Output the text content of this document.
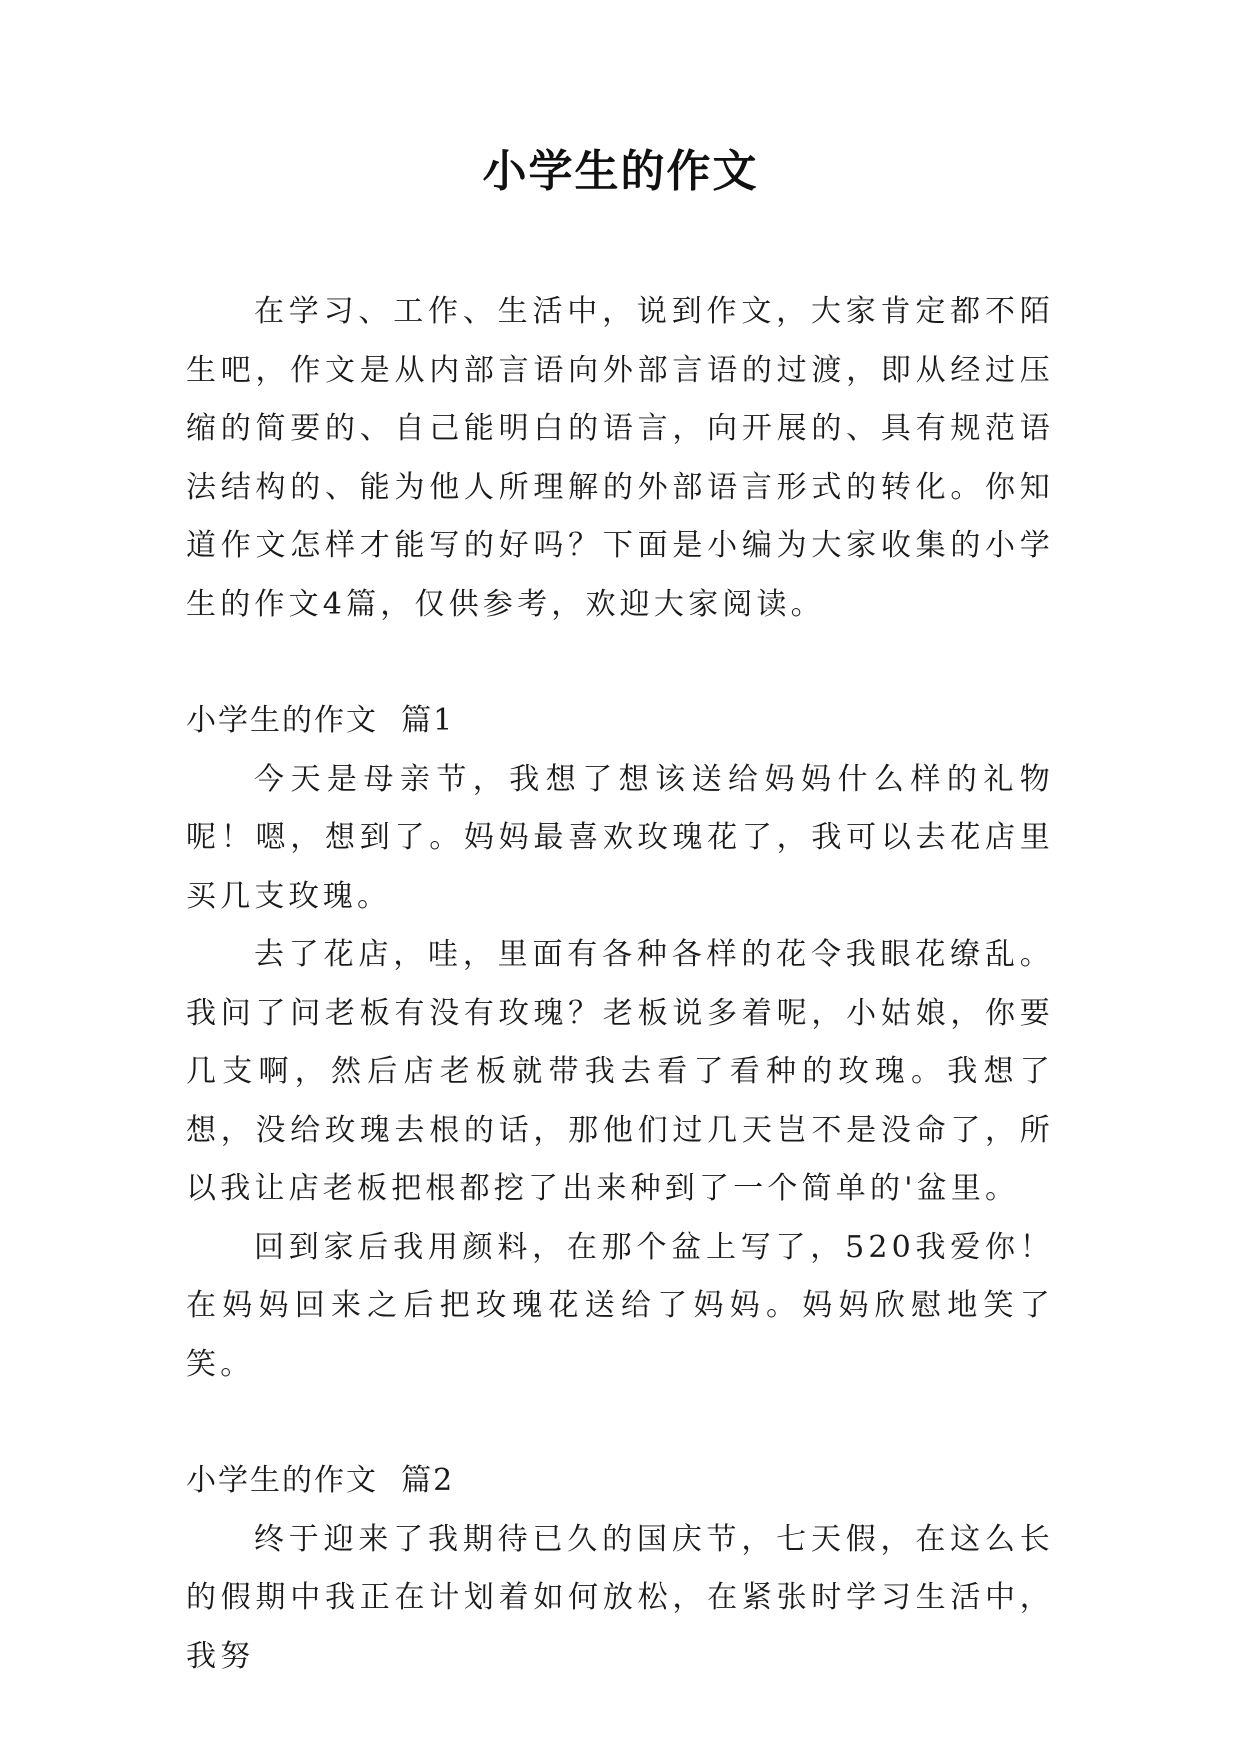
小学生的作文

在学习、工作、生活中，说到作文，大家肯定都不陌生吧，作文是从内部言语向外部言语的过渡，即从经过压缩的简要的、自己能明白的语言，向开展的、具有规范语法结构的、能为他人所理解的外部语言形式的转化。你知道作文怎样才能写的好吗？下面是小编为大家收集的小学生的作文4篇，仅供参考，欢迎大家阅读。

小学生的作文  篇1

今天是母亲节，我想了想该送给妈妈什么样的礼物呢！嗯，想到了。妈妈最喜欢玫瑰花了，我可以去花店里买几支玫瑰。

去了花店，哇，里面有各种各样的花令我眼花缭乱。我问了问老板有没有玫瑰？老板说多着呢，小姑娘，你要几支啊，然后店老板就带我去看了看种的玫瑰。我想了想，没给玫瑰去根的话，那他们过几天岂不是没命了，所以我让店老板把根都挖了出来种到了一个简单的'盆里。

回到家后我用颜料，在那个盆上写了，520我爱你！在妈妈回来之后把玫瑰花送给了妈妈。妈妈欣慰地笑了笑。

小学生的作文  篇2

终于迎来了我期待已久的国庆节，七天假，在这么长的假期中我正在计划着如何放松，在紧张时学习生活中，我努
